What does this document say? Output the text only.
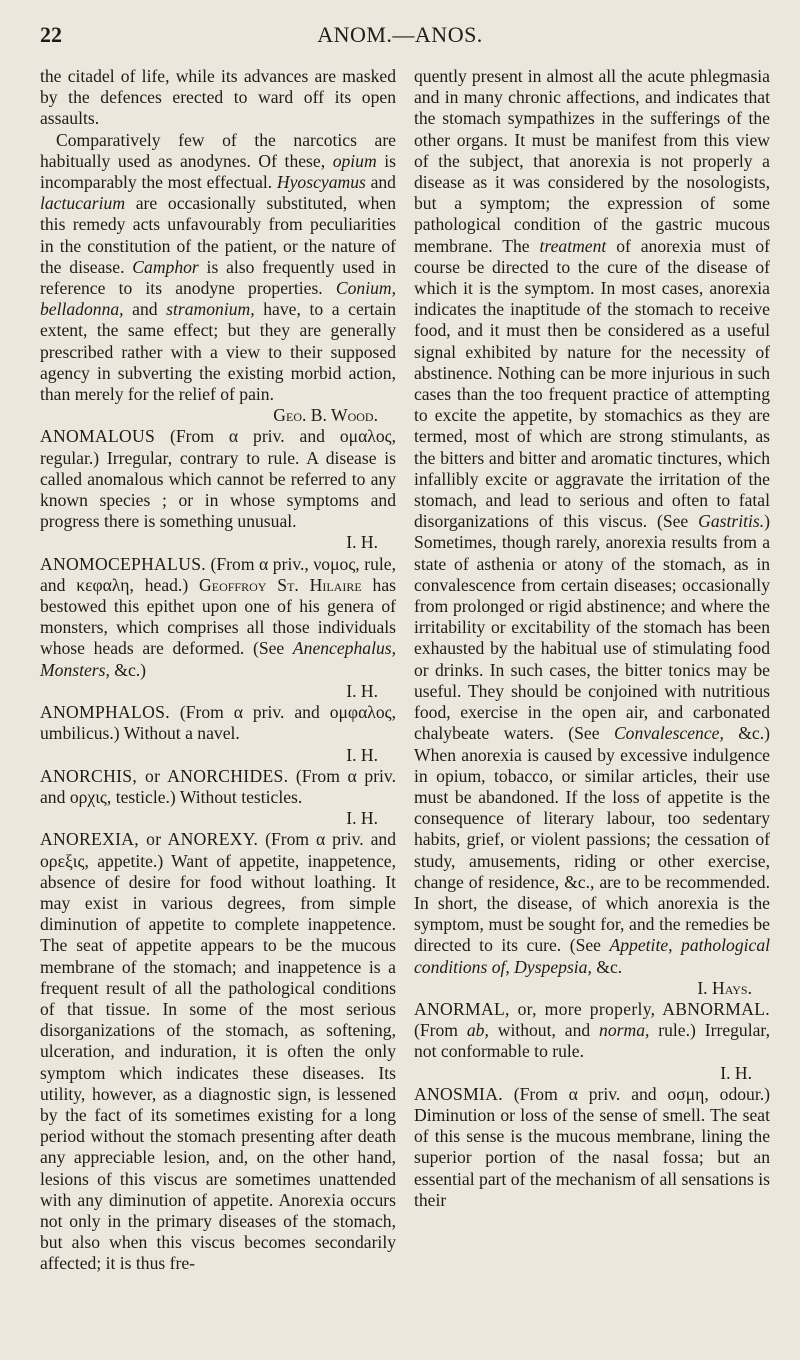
22	ANOM.—ANOS.

the citadel of life, while its advances are masked by the defences erected to ward off its open assaults.

Comparatively few of the narcotics are habitually used as anodynes. Of these, opium is incomparably the most effectual. Hyoscyamus and lactucarium are occasionally substituted, when this remedy acts unfavourably from peculiarities in the constitution of the patient, or the nature of the disease. Camphor is also frequently used in reference to its anodyne properties. Conium, belladonna, and stramonium, have, to a certain extent, the same effect; but they are generally prescribed rather with a view to their supposed agency in subverting the existing morbid action, than merely for the relief of pain.

Geo. B. Wood.

ANOMALOUS (From α priv. and ομαλος, regular.) Irregular, contrary to rule. A disease is called anomalous which cannot be referred to any known species ; or in whose symptoms and progress there is something unusual.

I. H.

ANOMOCEPHALUS. (From α priv., νομος, rule, and κεφαλη, head.) Geoffroy St. Hilaire has bestowed this epithet upon one of his genera of monsters, which comprises all those individuals whose heads are deformed. (See Anencephalus, Monsters, &c.)

I. H.

ANOMPHALOS. (From α priv. and ομφαλος, umbilicus.) Without a navel.

I. H.

ANORCHIS, or ANORCHIDES. (From α priv. and ορχις, testicle.) Without testicles.

I. H.

ANOREXIA, or ANOREXY. (From α priv. and ορεξις, appetite.) Want of appetite, inappetence, absence of desire for food without loathing. It may exist in various degrees, from simple diminution of appetite to complete inappetence. The seat of appetite appears to be the mucous membrane of the stomach; and inappetence is a frequent result of all the pathological conditions of that tissue. In some of the most serious disorganizations of the stomach, as softening, ulceration, and induration, it is often the only symptom which indicates these diseases. Its utility, however, as a diagnostic sign, is lessened by the fact of its sometimes existing for a long period without the stomach presenting after death any appreciable lesion, and, on the other hand, lesions of this viscus are sometimes unattended with any diminution of appetite. Anorexia occurs not only in the primary diseases of the stomach, but also when this viscus becomes secondarily affected; it is thus fre-

quently present in almost all the acute phlegmasia and in many chronic affections, and indicates that the stomach sympathizes in the sufferings of the other organs. It must be manifest from this view of the subject, that anorexia is not properly a disease as it was considered by the nosologists, but a symptom; the expression of some pathological condition of the gastric mucous membrane. The treatment of anorexia must of course be directed to the cure of the disease of which it is the symptom. In most cases, anorexia indicates the inaptitude of the stomach to receive food, and it must then be considered as a useful signal exhibited by nature for the necessity of abstinence. Nothing can be more injurious in such cases than the too frequent practice of attempting to excite the appetite, by stomachics as they are termed, most of which are strong stimulants, as the bitters and bitter and aromatic tinctures, which infallibly excite or aggravate the irritation of the stomach, and lead to serious and often to fatal disorganizations of this viscus. (See Gastritis.) Sometimes, though rarely, anorexia results from a state of asthenia or atony of the stomach, as in convalescence from certain diseases; occasionally from prolonged or rigid abstinence; and where the irritability or excitability of the stomach has been exhausted by the habitual use of stimulating food or drinks. In such cases, the bitter tonics may be useful. They should be conjoined with nutritious food, exercise in the open air, and carbonated chalybeate waters. (See Convalescence, &c.) When anorexia is caused by excessive indulgence in opium, tobacco, or similar articles, their use must be abandoned. If the loss of appetite is the consequence of literary labour, too sedentary habits, grief, or violent passions; the cessation of study, amusements, riding or other exercise, change of residence, &c., are to be recommended. In short, the disease, of which anorexia is the symptom, must be sought for, and the remedies be directed to its cure. (See Appetite, pathological conditions of, Dyspepsia, &c.

I. Hays.

ANORMAL, or, more properly, ABNORMAL. (From ab, without, and norma, rule.) Irregular, not conformable to rule.

I. H.

ANOSMIA. (From α priv. and οσμη, odour.) Diminution or loss of the sense of smell. The seat of this sense is the mucous membrane, lining the superior portion of the nasal fossa; but an essential part of the mechanism of all sensations is their
